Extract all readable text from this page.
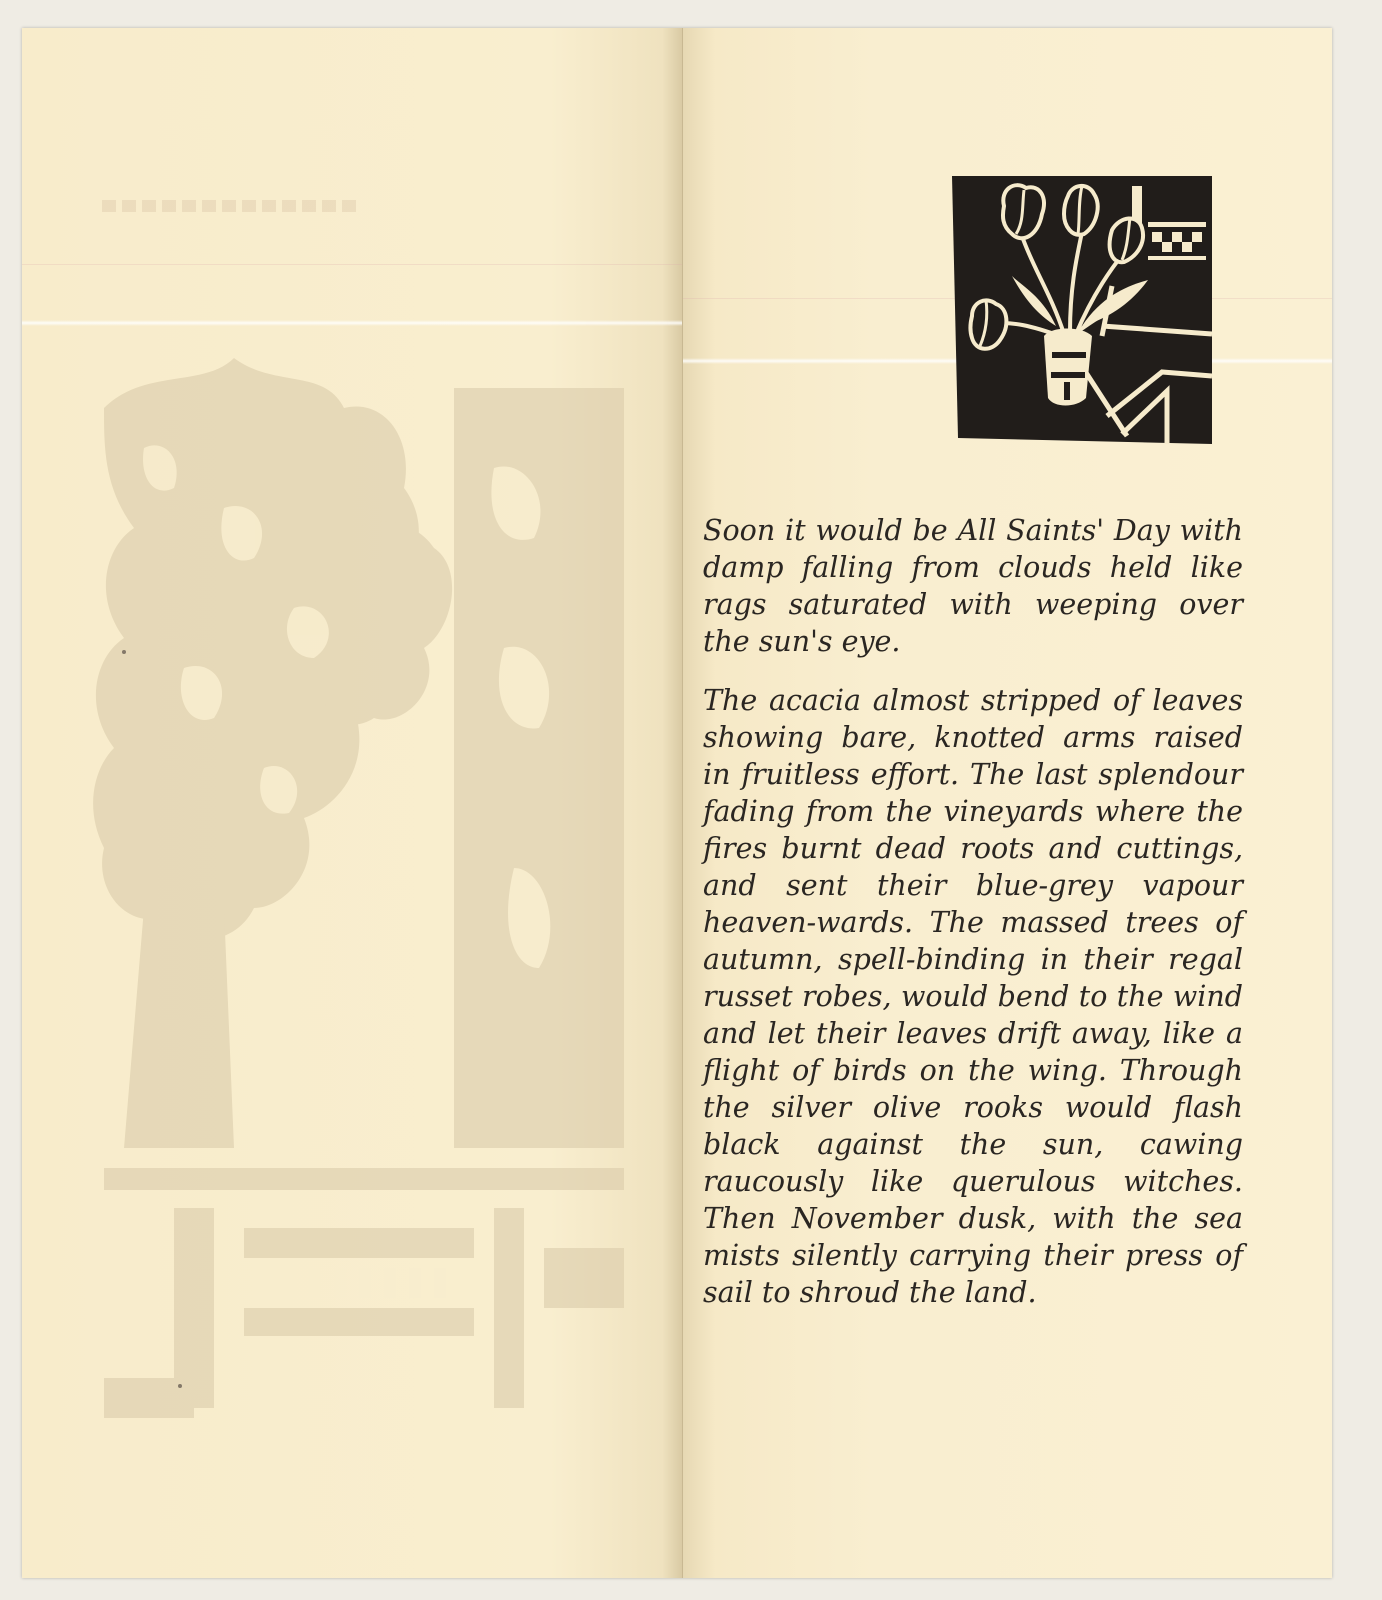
Soon it would be All Saints' Day with damp falling from clouds held like rags saturated with weeping over the sun's eye.

The acacia almost stripped of leaves showing bare, knotted arms raised in fruitless effort. The last splendour fading from the vineyards where the fires burnt dead roots and cuttings, and sent their blue-grey vapour heaven-wards. The massed trees of autumn, spell-binding in their regal russet robes, would bend to the wind and let their leaves drift away, like a flight of birds on the wing. Through the silver olive rooks would flash black against the sun, cawing raucously like querulous witches. Then November dusk, with the sea mists silently carrying their press of sail to shroud the land.
